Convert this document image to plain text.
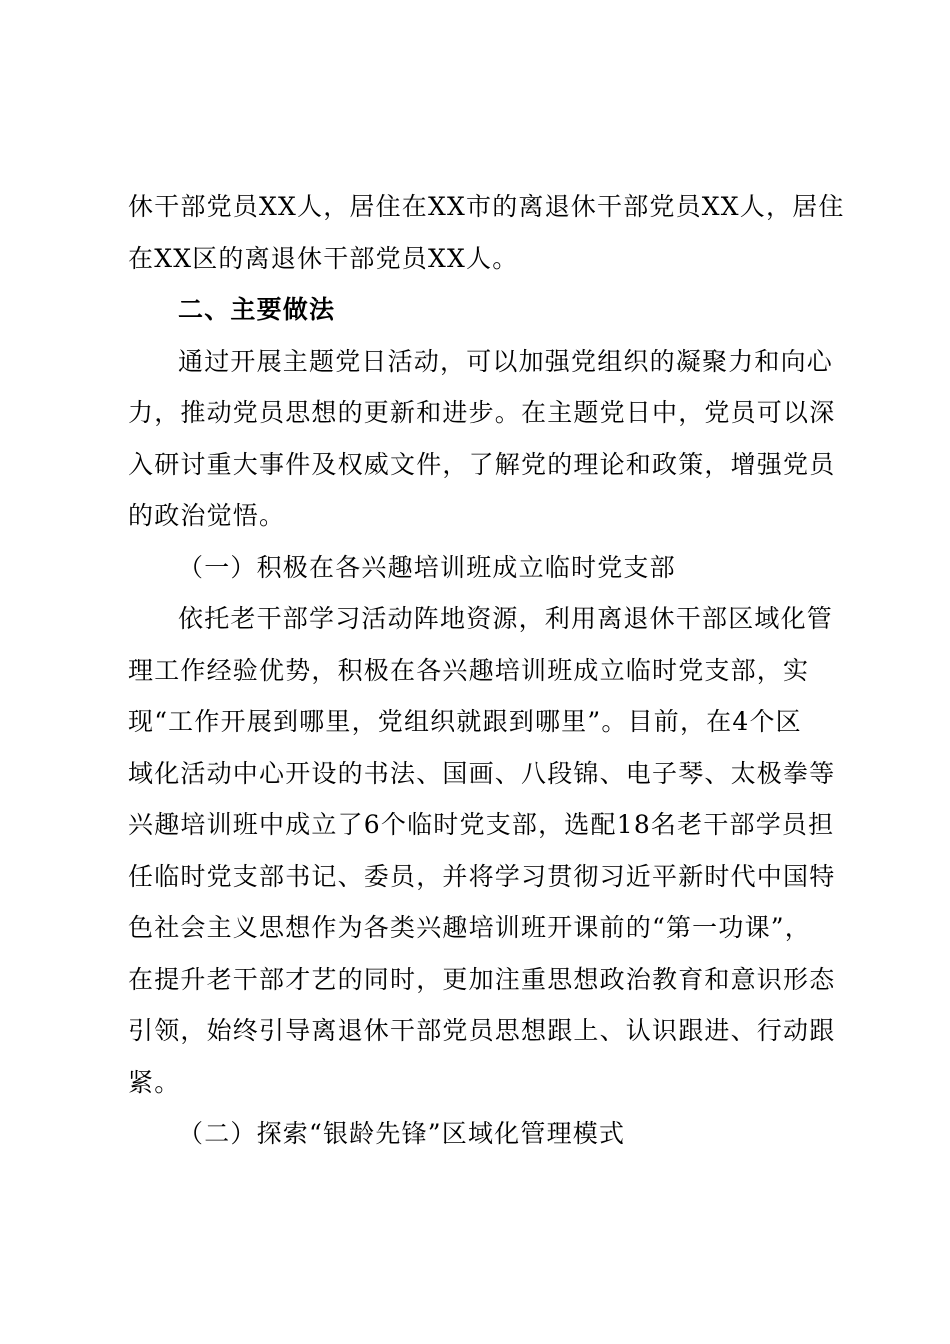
休干部党员XX人，居住在XX市的离退休干部党员XX人，居住
在XX区的离退休干部党员XX人。
二、主要做法
通过开展主题党日活动，可以加强党组织的凝聚力和向心
力，推动党员思想的更新和进步。在主题党日中，党员可以深
入研讨重大事件及权威文件，了解党的理论和政策，增强党员
的政治觉悟。
（一）积极在各兴趣培训班成立临时党支部
依托老干部学习活动阵地资源，利用离退休干部区域化管
理工作经验优势，积极在各兴趣培训班成立临时党支部，实
现“工作开展到哪里，党组织就跟到哪里”。目前，在4个区
域化活动中心开设的书法、国画、八段锦、电子琴、太极拳等
兴趣培训班中成立了6个临时党支部，选配18名老干部学员担
任临时党支部书记、委员，并将学习贯彻习近平新时代中国特
色社会主义思想作为各类兴趣培训班开课前的“第一功课”，
在提升老干部才艺的同时，更加注重思想政治教育和意识形态
引领，始终引导离退休干部党员思想跟上、认识跟进、行动跟
紧。
（二）探索“银龄先锋”区域化管理模式
